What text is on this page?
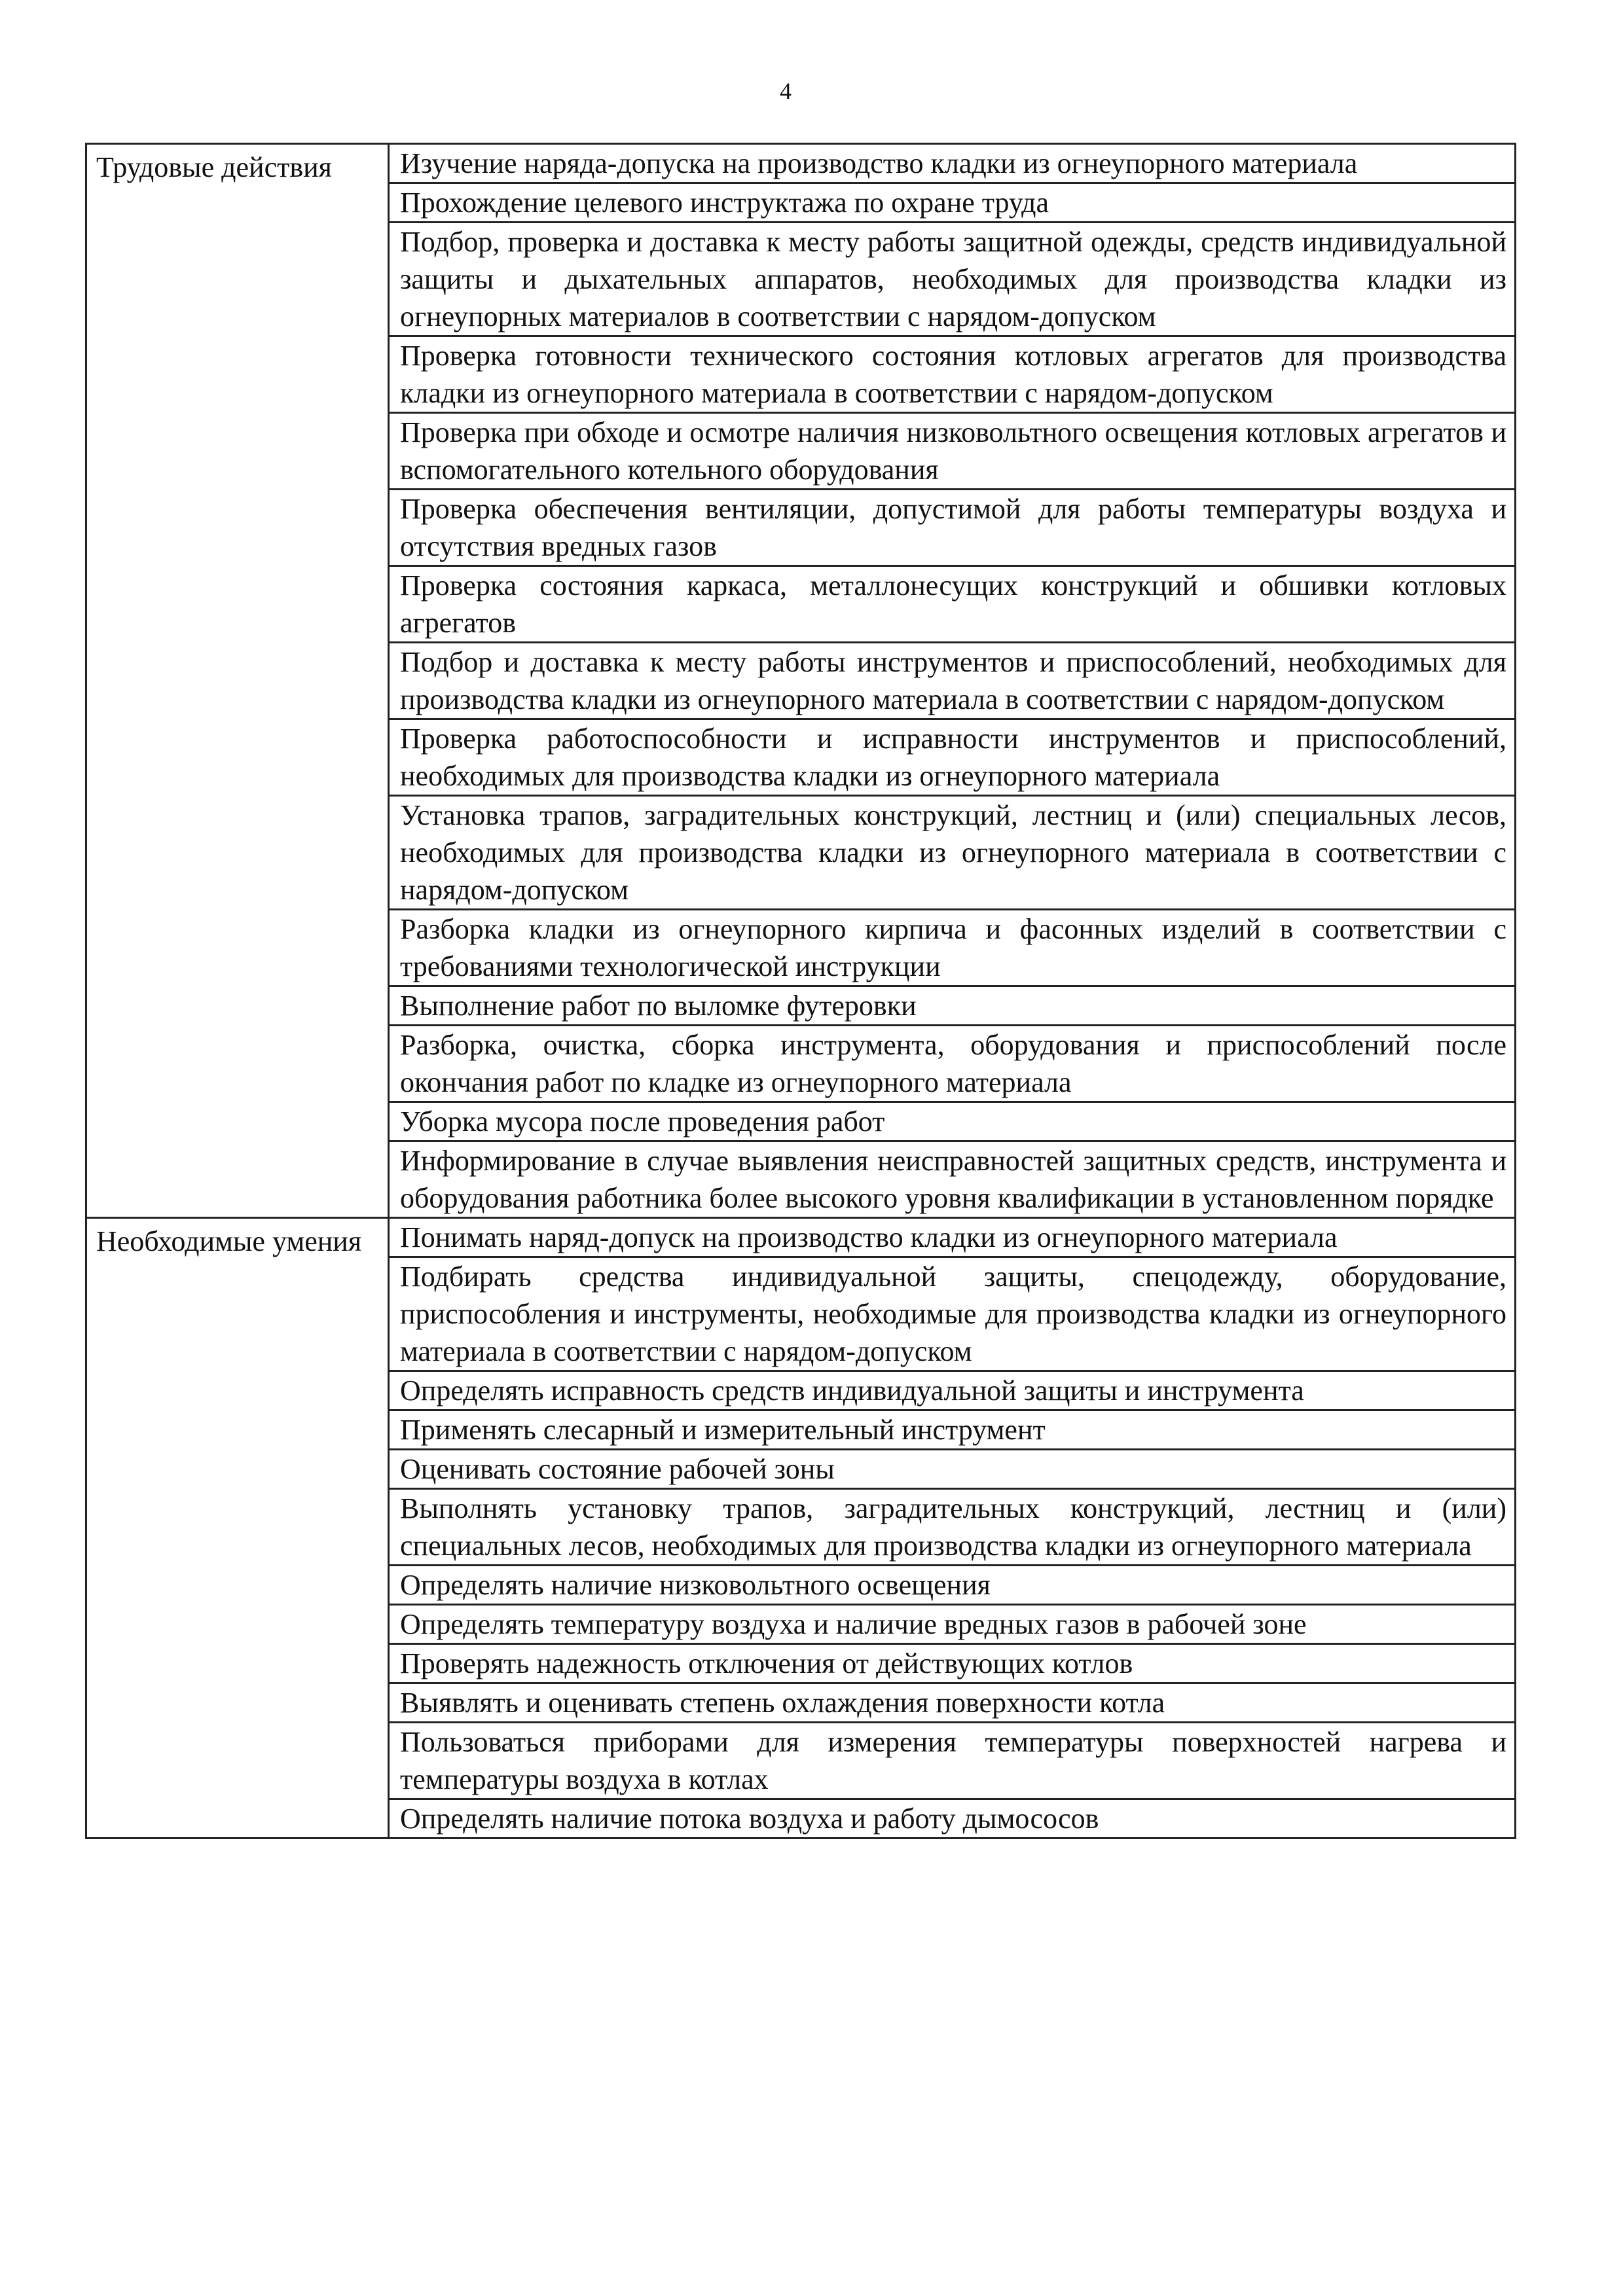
4
Трудовые действия	Изучение наряда-допуска на производство кладки из огнеупорного материала
Прохождение целевого инструктажа по охране труда
Подбор, проверка и доставка к месту работы защитной одежды, средств индивидуальной защиты и дыхательных аппаратов, необходимых для производства кладки из огнеупорных материалов в соответствии с нарядом-допуском
Проверка готовности технического состояния котловых агрегатов для производства кладки из огнеупорного материала в соответствии с нарядом-допуском
Проверка при обходе и осмотре наличия низковольтного освещения котловых агрегатов и вспомогательного котельного оборудования
Проверка обеспечения вентиляции, допустимой для работы температуры воздуха и отсутствия вредных газов
Проверка состояния каркаса, металлонесущих конструкций и обшивки котловых агрегатов
Подбор и доставка к месту работы инструментов и приспособлений, необходимых для производства кладки из огнеупорного материала в соответствии с нарядом-допуском
Проверка работоспособности и исправности инструментов и приспособлений, необходимых для производства кладки из огнеупорного материала
Установка трапов, заградительных конструкций, лестниц и (или) специальных лесов, необходимых для производства кладки из огнеупорного материала в соответствии с нарядом-допуском
Разборка кладки из огнеупорного кирпича и фасонных изделий в соответствии с требованиями технологической инструкции
Выполнение работ по выломке футеровки
Разборка, очистка, сборка инструмента, оборудования и приспособлений после окончания работ по кладке из огнеупорного материала
Уборка мусора после проведения работ
Информирование в случае выявления неисправностей защитных средств, инструмента и оборудования работника более высокого уровня квалификации в установленном порядке
Необходимые умения	Понимать наряд-допуск на производство кладки из огнеупорного материала
Подбирать средства индивидуальной защиты, спецодежду, оборудование, приспособления и инструменты, необходимые для производства кладки из огнеупорного материала в соответствии с нарядом-допуском
Определять исправность средств индивидуальной защиты и инструмента
Применять слесарный и измерительный инструмент
Оценивать состояние рабочей зоны
Выполнять установку трапов, заградительных конструкций, лестниц и (или) специальных лесов, необходимых для производства кладки из огнеупорного материала
Определять наличие низковольтного освещения
Определять температуру воздуха и наличие вредных газов в рабочей зоне
Проверять надежность отключения от действующих котлов
Выявлять и оценивать степень охлаждения поверхности котла
Пользоваться приборами для измерения температуры поверхностей нагрева и температуры воздуха в котлах
Определять наличие потока воздуха и работу дымососов
